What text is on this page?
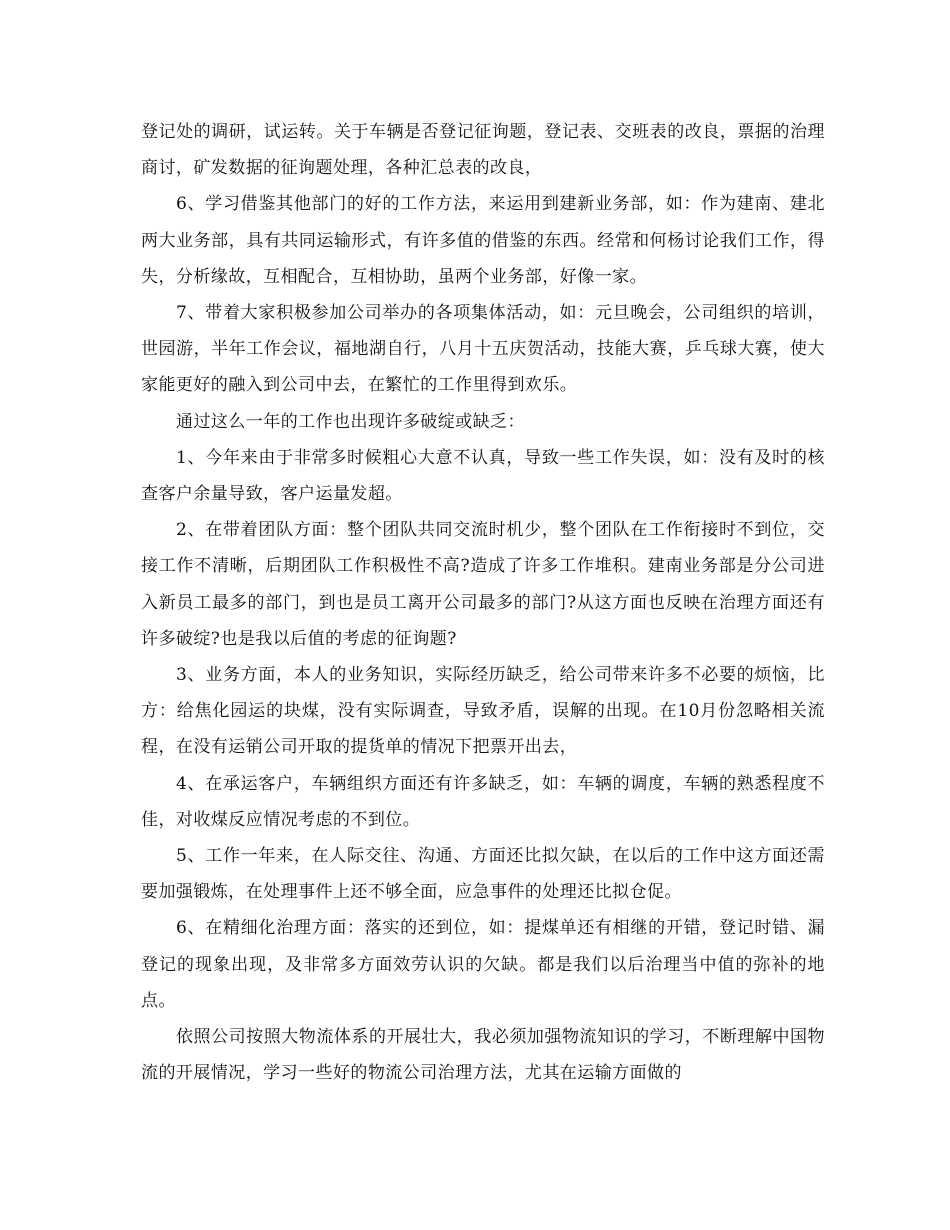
登记处的调研，试运转。关于车辆是否登记征询题，登记表、交班表的改良，票据的治理商讨，矿发数据的征询题处理，各种汇总表的改良，

6、学习借鉴其他部门的好的工作方法，来运用到建新业务部，如：作为建南、建北两大业务部，具有共同运输形式，有许多值的借鉴的东西。经常和何杨讨论我们工作，得失，分析缘故，互相配合，互相协助，虽两个业务部，好像一家。

7、带着大家积极参加公司举办的各项集体活动，如：元旦晚会，公司组织的培训，世园游，半年工作会议，福地湖自行，八月十五庆贺活动，技能大赛，乒乓球大赛，使大家能更好的融入到公司中去，在繁忙的工作里得到欢乐。

通过这么一年的工作也出现许多破绽或缺乏：

1、今年来由于非常多时候粗心大意不认真，导致一些工作失误，如：没有及时的核查客户余量导致，客户运量发超。

2、在带着团队方面：整个团队共同交流时机少，整个团队在工作衔接时不到位，交接工作不清晰，后期团队工作积极性不高?造成了许多工作堆积。建南业务部是分公司进入新员工最多的部门，到也是员工离开公司最多的部门?从这方面也反映在治理方面还有许多破绽?也是我以后值的考虑的征询题?

3、业务方面，本人的业务知识，实际经历缺乏，给公司带来许多不必要的烦恼，比方：给焦化园运的块煤，没有实际调查，导致矛盾，误解的出现。在10月份忽略相关流程，在没有运销公司开取的提货单的情况下把票开出去，

4、在承运客户，车辆组织方面还有许多缺乏，如：车辆的调度，车辆的熟悉程度不佳，对收煤反应情况考虑的不到位。

5、工作一年来，在人际交往、沟通、方面还比拟欠缺，在以后的工作中这方面还需要加强锻炼，在处理事件上还不够全面，应急事件的处理还比拟仓促。

6、在精细化治理方面：落实的还到位，如：提煤单还有相继的开错，登记时错、漏登记的现象出现，及非常多方面效劳认识的欠缺。都是我们以后治理当中值的弥补的地点。

依照公司按照大物流体系的开展壮大，我必须加强物流知识的学习，不断理解中国物流的开展情况，学习一些好的物流公司治理方法，尤其在运输方面做的
